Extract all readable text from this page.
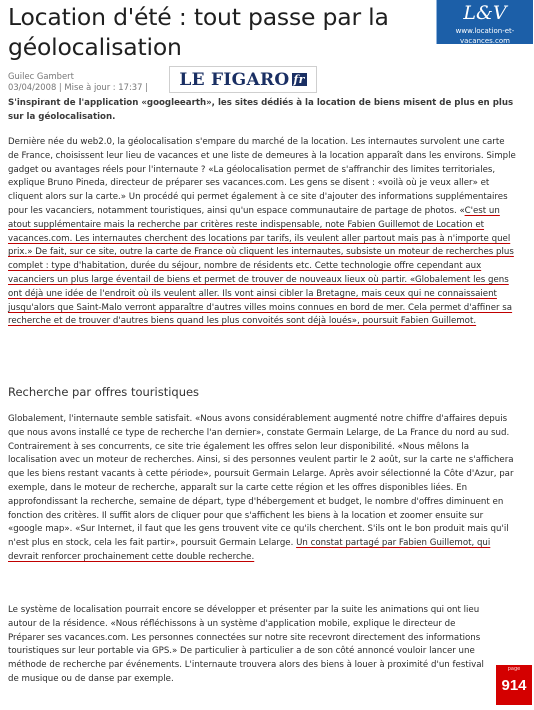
Location d'été : tout passe par la géolocalisation
L&V
www.location-et-vacances.com
Guilec Gambert
03/04/2008 | Mise à jour : 17:37 |	LE FIGARO fr

S'inspirant de l'application «googleearth», les sites dédiés à la location de biens misent de plus en plus sur la géolocalisation.

Dernière née du web2.0, la géolocalisation s'empare du marché de la location. Les internautes survolent une carte de France, choisissent leur lieu de vacances et une liste de demeures à la location apparaît dans les environs. Simple gadget ou avantages réels pour l'internaute ? «La géolocalisation permet de s'affranchir des limites territoriales, explique Bruno Pineda, directeur de préparer ses vacances.com. Les gens se disent : «voilà où je veux aller» et cliquent alors sur la carte.» Un procédé qui permet également à ce site d'ajouter des informations supplémentaires pour les vacanciers, notamment touristiques, ainsi qu'un espace communautaire de partage de photos. «C'est un atout supplémentaire mais la recherche par critères reste indispensable, note Fabien Guillemot de Location et vacances.com. Les internautes cherchent des locations par tarifs, ils veulent aller partout mais pas à n'importe quel prix.» De fait, sur ce site, outre la carte de France où cliquent les internautes, subsiste un moteur de recherches plus complet : type d'habitation, durée du séjour, nombre de résidents etc. Cette technologie offre cependant aux vacanciers un plus large éventail de biens et permet de trouver de nouveaux lieux où partir. «Globalement les gens ont déjà une idée de l'endroit où ils veulent aller. Ils vont ainsi cibler la Bretagne, mais ceux qui ne connaissaient jusqu'alors que Saint-Malo verront apparaître d'autres villes moins connues en bord de mer. Cela permet d'affiner sa recherche et de trouver d'autres biens quand les plus convoités sont déjà loués», poursuit Fabien Guillemot.

Recherche par offres touristiques

Globalement, l'internaute semble satisfait. «Nous avons considérablement augmenté notre chiffre d'affaires depuis que nous avons installé ce type de recherche l'an dernier», constate Germain Lelarge, de La France du nord au sud. Contrairement à ses concurrents, ce site trie également les offres selon leur disponibilité. «Nous mêlons la localisation avec un moteur de recherches. Ainsi, si des personnes veulent partir le 2 août, sur la carte ne s'affichera que les biens restant vacants à cette période», poursuit Germain Lelarge. Après avoir sélectionné la Côte d'Azur, par exemple, dans le moteur de recherche, apparaît sur la carte cette région et les offres disponibles liées. En approfondissant la recherche, semaine de départ, type d'hébergement et budget, le nombre d'offres diminuent en fonction des critères. Il suffit alors de cliquer pour que s'affichent les biens à la location et zoomer ensuite sur «google map». «Sur Internet, il faut que les gens trouvent vite ce qu'ils cherchent. S'ils ont le bon produit mais qu'il n'est plus en stock, cela les fait partir», poursuit Germain Lelarge. Un constat partagé par Fabien Guillemot, qui devrait renforcer prochainement cette double recherche.

Le système de localisation pourrait encore se développer et présenter par la suite les animations qui ont lieu autour de la résidence. «Nous réfléchissons à un système d'application mobile, explique le directeur de Préparer ses vacances.com. Les personnes connectées sur notre site recevront directement des informations touristiques sur leur portable via GPS.» De particulier à particulier a de son côté annoncé vouloir lancer une méthode de recherche par événements. L'internaute trouvera alors des biens à louer à proximité d'un festival de musique ou de danse par exemple.

page
914
